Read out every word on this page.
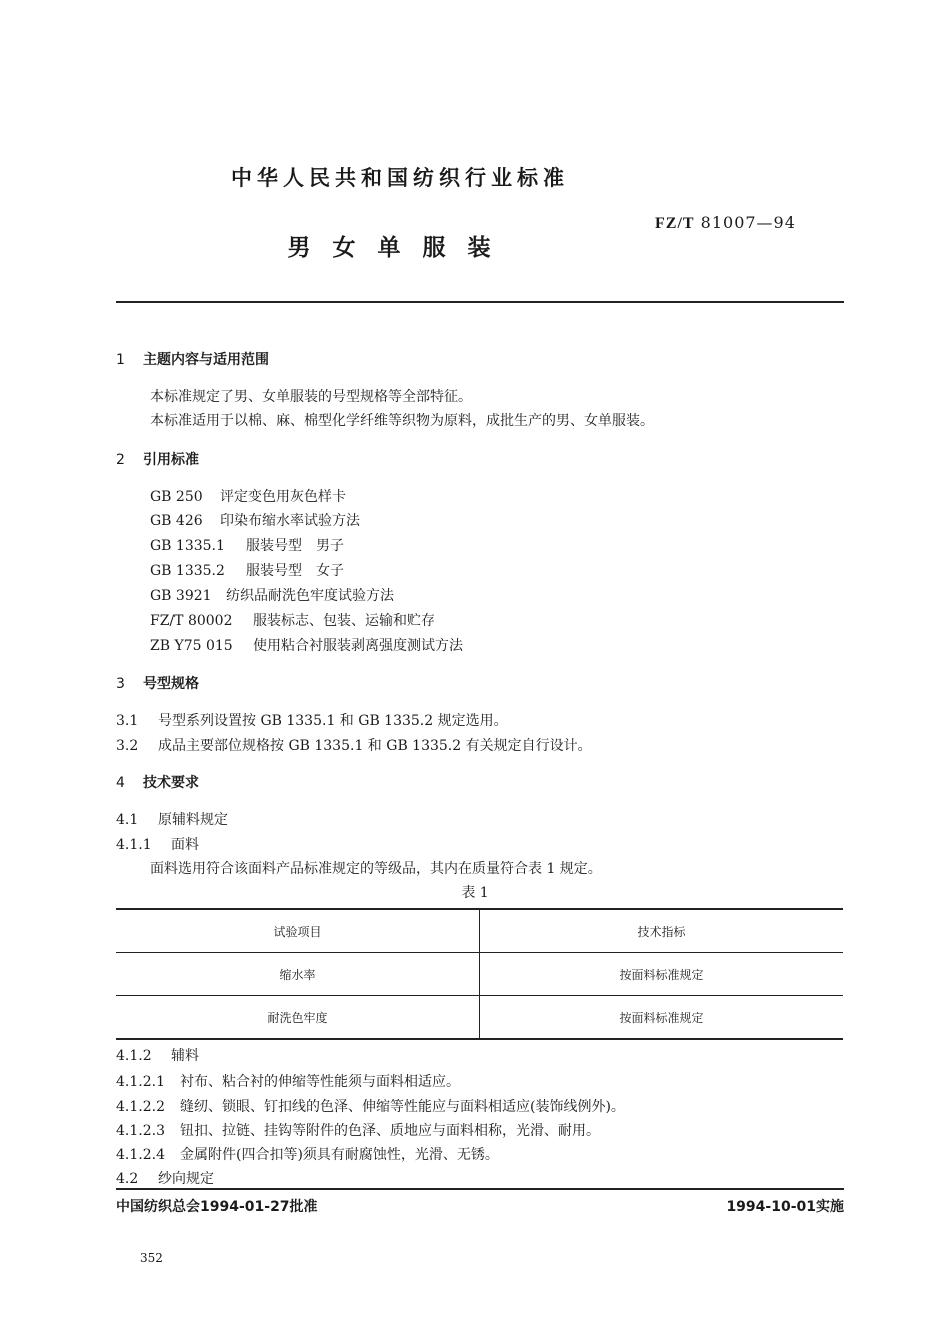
中华人民共和国纺织行业标准
FZ/T 81007—94
男女单服装
1 主题内容与适用范围
本标准规定了男、女单服装的号型规格等全部特征。
本标准适用于以棉、麻、棉型化学纤维等织物为原料，成批生产的男、女单服装。
2 引用标准
GB 250 评定变色用灰色样卡
GB 426 印染布缩水率试验方法
GB 1335.1 服装号型　男子
GB 1335.2 服装号型　女子
GB 3921 纺织品耐洗色牢度试验方法
FZ/T 80002 服装标志、包装、运输和贮存
ZB Y75 015 使用粘合衬服装剥离强度测试方法
3 号型规格
3.1 号型系列设置按 GB 1335.1 和 GB 1335.2 规定选用。
3.2 成品主要部位规格按 GB 1335.1 和 GB 1335.2 有关规定自行设计。
4 技术要求
4.1 原辅料规定
4.1.1 面料
面料选用符合该面料产品标准规定的等级品，其内在质量符合表 1 规定。
表 1
试验项目	技术指标
缩水率	按面料标准规定
耐洗色牢度	按面料标准规定
4.1.2 辅料
4.1.2.1 衬布、粘合衬的伸缩等性能须与面料相适应。
4.1.2.2 缝纫、锁眼、钉扣线的色泽、伸缩等性能应与面料相适应(装饰线例外)。
4.1.2.3 钮扣、拉链、挂钩等附件的色泽、质地应与面料相称，光滑、耐用。
4.1.2.4 金属附件(四合扣等)须具有耐腐蚀性，光滑、无锈。
4.2 纱向规定
中国纺织总会1994-01-27批准	1994-10-01实施
352
